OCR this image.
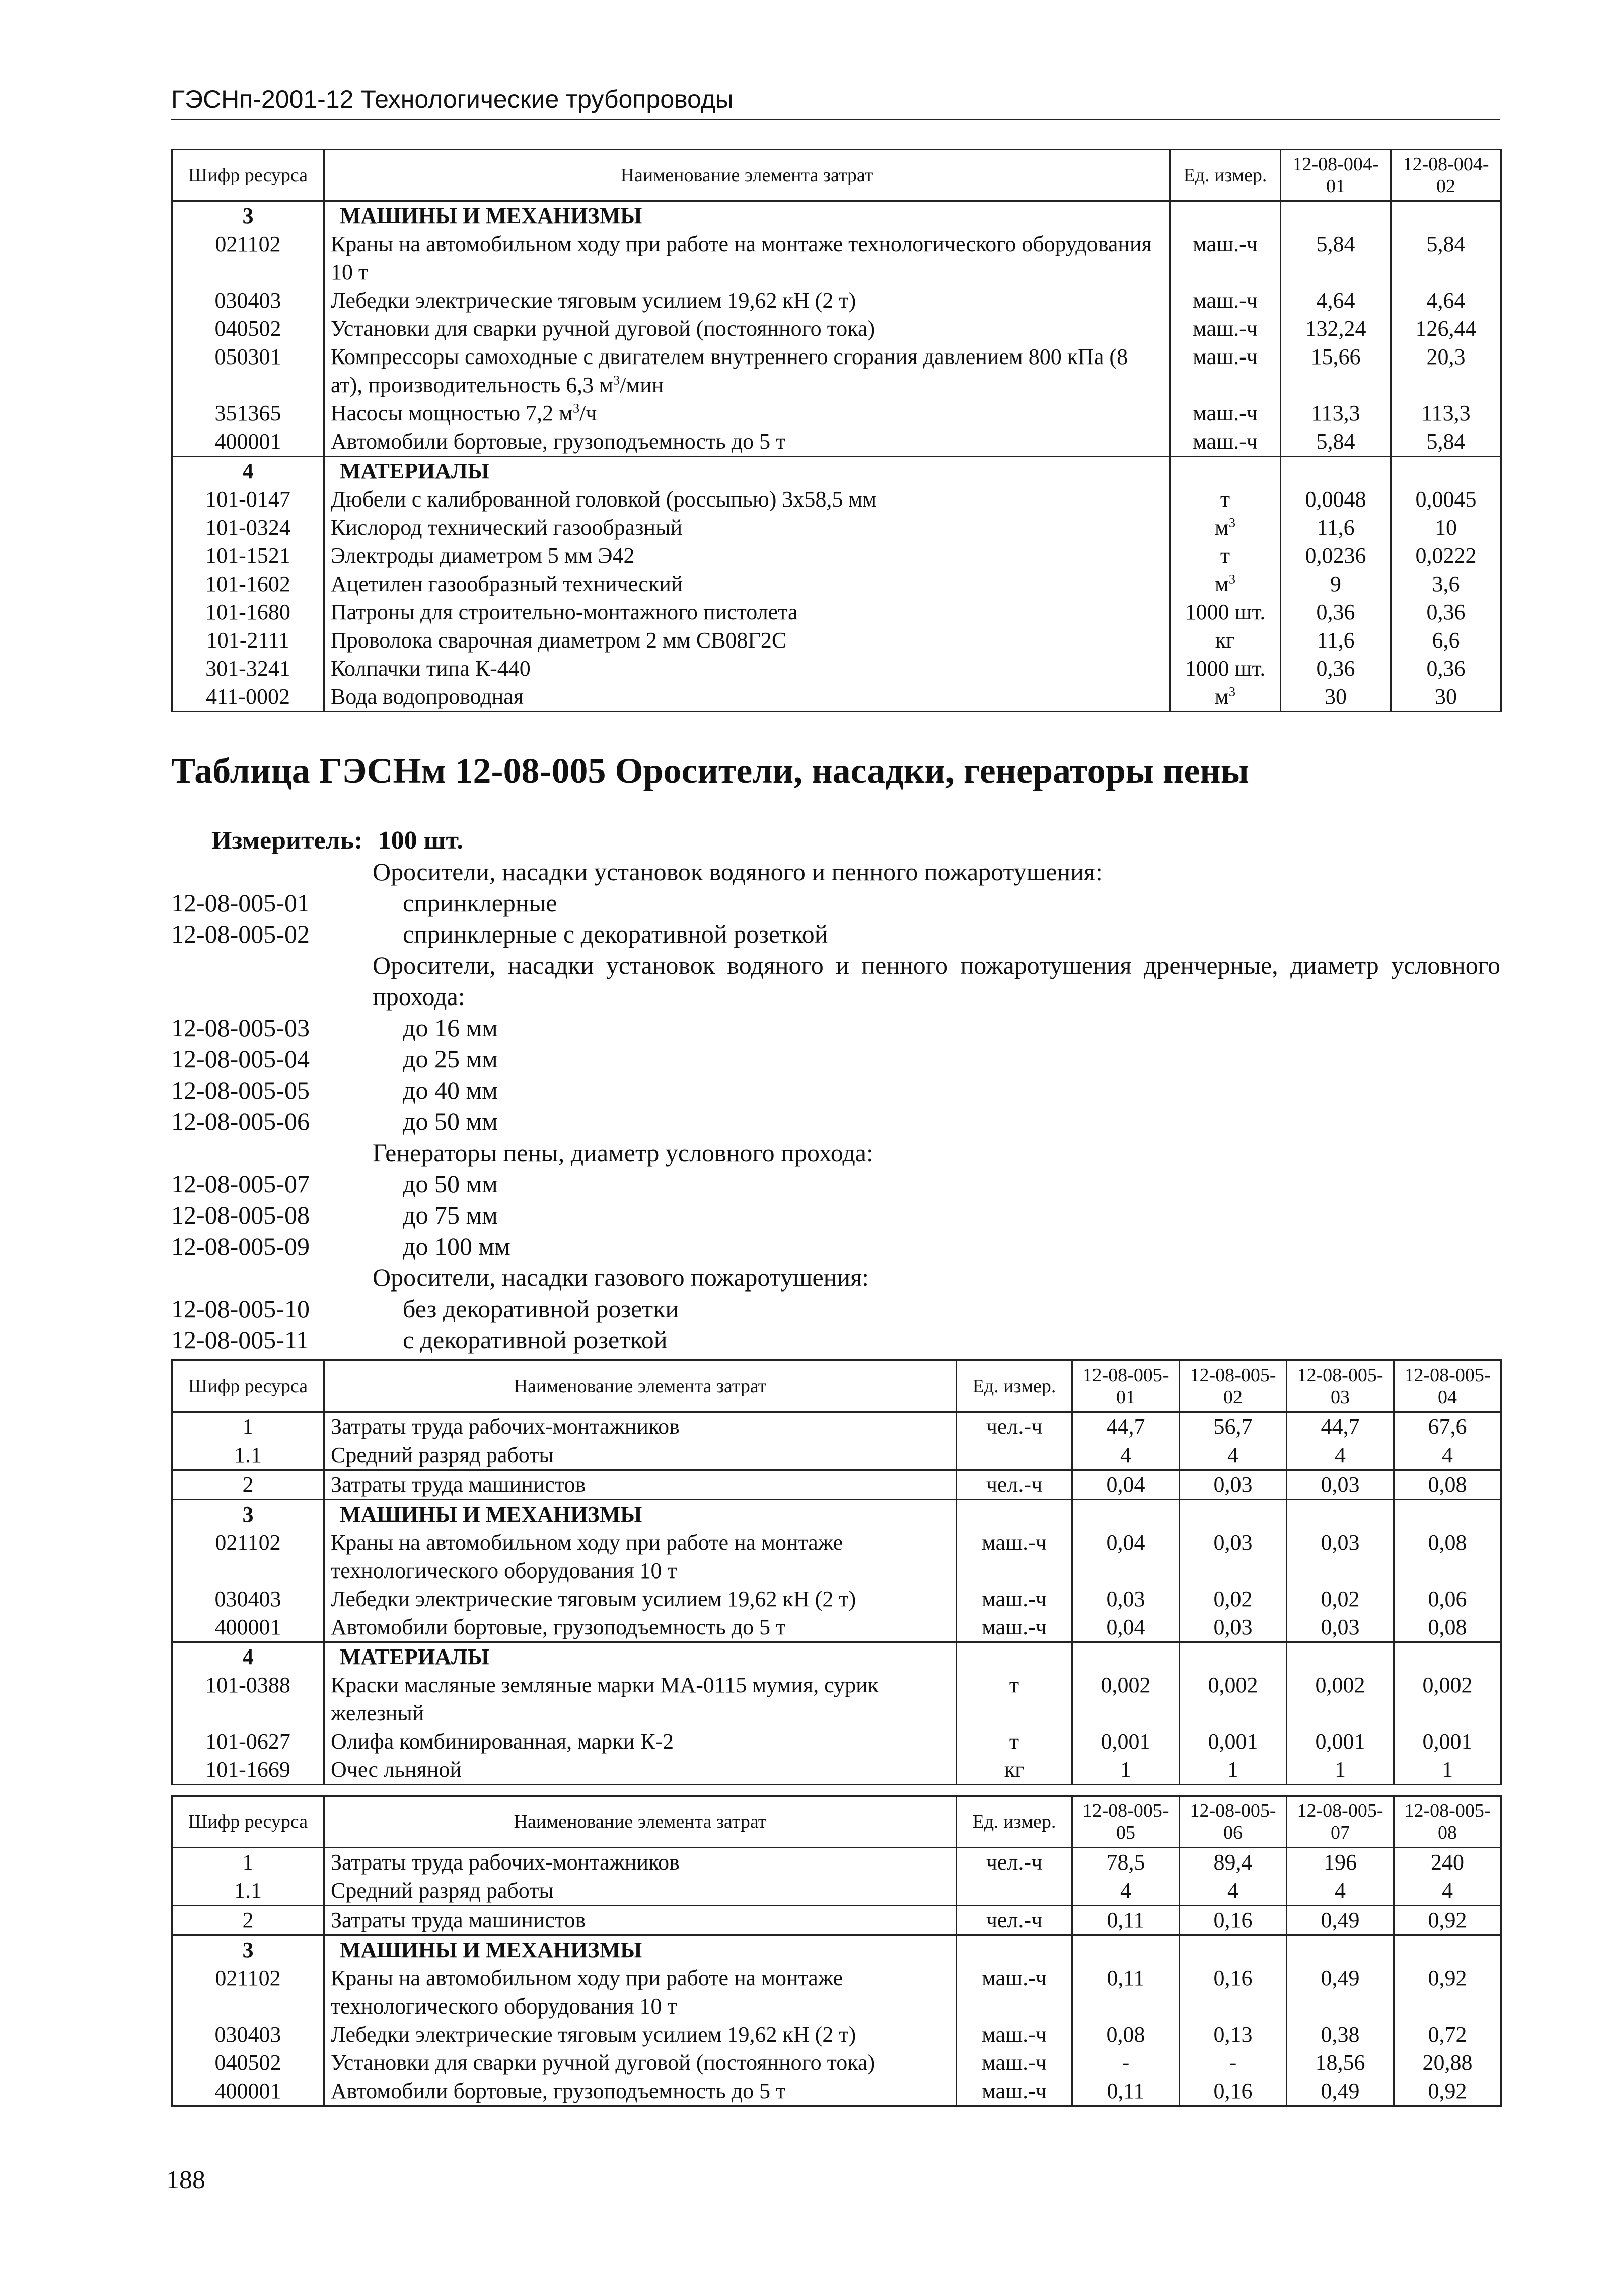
ГЭСНп-2001-12 Технологические трубопроводы
Шифр ресурса	Наименование элемента затрат	Ед. измер.	12-08-004-01	12-08-004-02
3	МАШИНЫ И МЕХАНИЗМЫ			
021102	Краны на автомобильном ходу при работе на монтаже технологического оборудования 10 т	маш.-ч	5,84	5,84
030403	Лебедки электрические тяговым усилием 19,62 кН (2 т)	маш.-ч	4,64	4,64
040502	Установки для сварки ручной дуговой (постоянного тока)	маш.-ч	132,24	126,44
050301	Компрессоры самоходные с двигателем внутреннего сгорания давлением 800 кПа (8 ат), производительность 6,3 $м^3$/мин	маш.-ч	15,66	20,3
351365	Насосы мощностью 7,2 $м^3/ч$	маш.-ч	113,3	113,3
400001	Автомобили бортовые, грузоподъемность до 5 т	маш.-ч	5,84	5,84
4	МАТЕРИАЛЫ			
101-0147	Дюбели с калиброванной головкой (россыпью) 3х58,5 мм	т	0,0048	0,0045
101-0324	Кислород технический газообразный	$м^3$	11,6	10
101-1521	Электроды диаметром 5 мм Э42	т	0,0236	0,0222
101-1602	Ацетилен газообразный технический	$м^3$	9	3,6
101-1680	Патроны для строительно-монтажного пистолета	1000 шт.	0,36	0,36
101-2111	Проволока сварочная диаметром 2 мм СВ08Г2С	кг	11,6	6,6
301-3241	Колпачки типа К-440	1000 шт.	0,36	0,36
411-0002	Вода водопроводная	$м^3$	30	30
Таблица ГЭСНм 12-08-005 Оросители, насадки, генераторы пены
Измеритель: 100 шт.
Оросители, насадки установок водяного и пенного пожаротушения:
12-08-005-01	спринклерные
12-08-005-02	спринклерные с декоративной розеткой
Оросители, насадки установок водяного и пенного пожаротушения дренчерные, диаметр условного прохода:
12-08-005-03	до 16 мм
12-08-005-04	до 25 мм
12-08-005-05	до 40 мм
12-08-005-06	до 50 мм
Генераторы пены, диаметр условного прохода:
12-08-005-07	до 50 мм
12-08-005-08	до 75 мм
12-08-005-09	до 100 мм
Оросители, насадки газового пожаротушения:
12-08-005-10	без декоративной розетки
12-08-005-11	с декоративной розеткой
Шифр ресурса	Наименование элемента затрат	Ед. измер.	12-08-005-01	12-08-005-02	12-08-005-03	12-08-005-04
1	Затраты труда рабочих-монтажников	чел.-ч	44,7	56,7	44,7	67,6
1.1	Средний разряд работы		4	4	4	4
2	Затраты труда машинистов	чел.-ч	0,04	0,03	0,03	0,08
3	МАШИНЫ И МЕХАНИЗМЫ					
021102	Краны на автомобильном ходу при работе на монтаже технологического оборудования 10 т	маш.-ч	0,04	0,03	0,03	0,08
030403	Лебедки электрические тяговым усилием 19,62 кН (2 т)	маш.-ч	0,03	0,02	0,02	0,06
400001	Автомобили бортовые, грузоподъемность до 5 т	маш.-ч	0,04	0,03	0,03	0,08
4	МАТЕРИАЛЫ					
101-0388	Краски масляные земляные марки МА-0115 мумия, сурик железный	т	0,002	0,002	0,002	0,002
101-0627	Олифа комбинированная, марки К-2	т	0,001	0,001	0,001	0,001
101-1669	Очес льняной	кг	1	1	1	1
Шифр ресурса	Наименование элемента затрат	Ед. измер.	12-08-005-05	12-08-005-06	12-08-005-07	12-08-005-08
1	Затраты труда рабочих-монтажников	чел.-ч	78,5	89,4	196	240
1.1	Средний разряд работы		4	4	4	4
2	Затраты труда машинистов	чел.-ч	0,11	0,16	0,49	0,92
3	МАШИНЫ И МЕХАНИЗМЫ					
021102	Краны на автомобильном ходу при работе на монтаже технологического оборудования 10 т	маш.-ч	0,11	0,16	0,49	0,92
030403	Лебедки электрические тяговым усилием 19,62 кН (2 т)	маш.-ч	0,08	0,13	0,38	0,72
040502	Установки для сварки ручной дуговой (постоянного тока)	маш.-ч	-	-	18,56	20,88
400001	Автомобили бортовые, грузоподъемность до 5 т	маш.-ч	0,11	0,16	0,49	0,92
188
